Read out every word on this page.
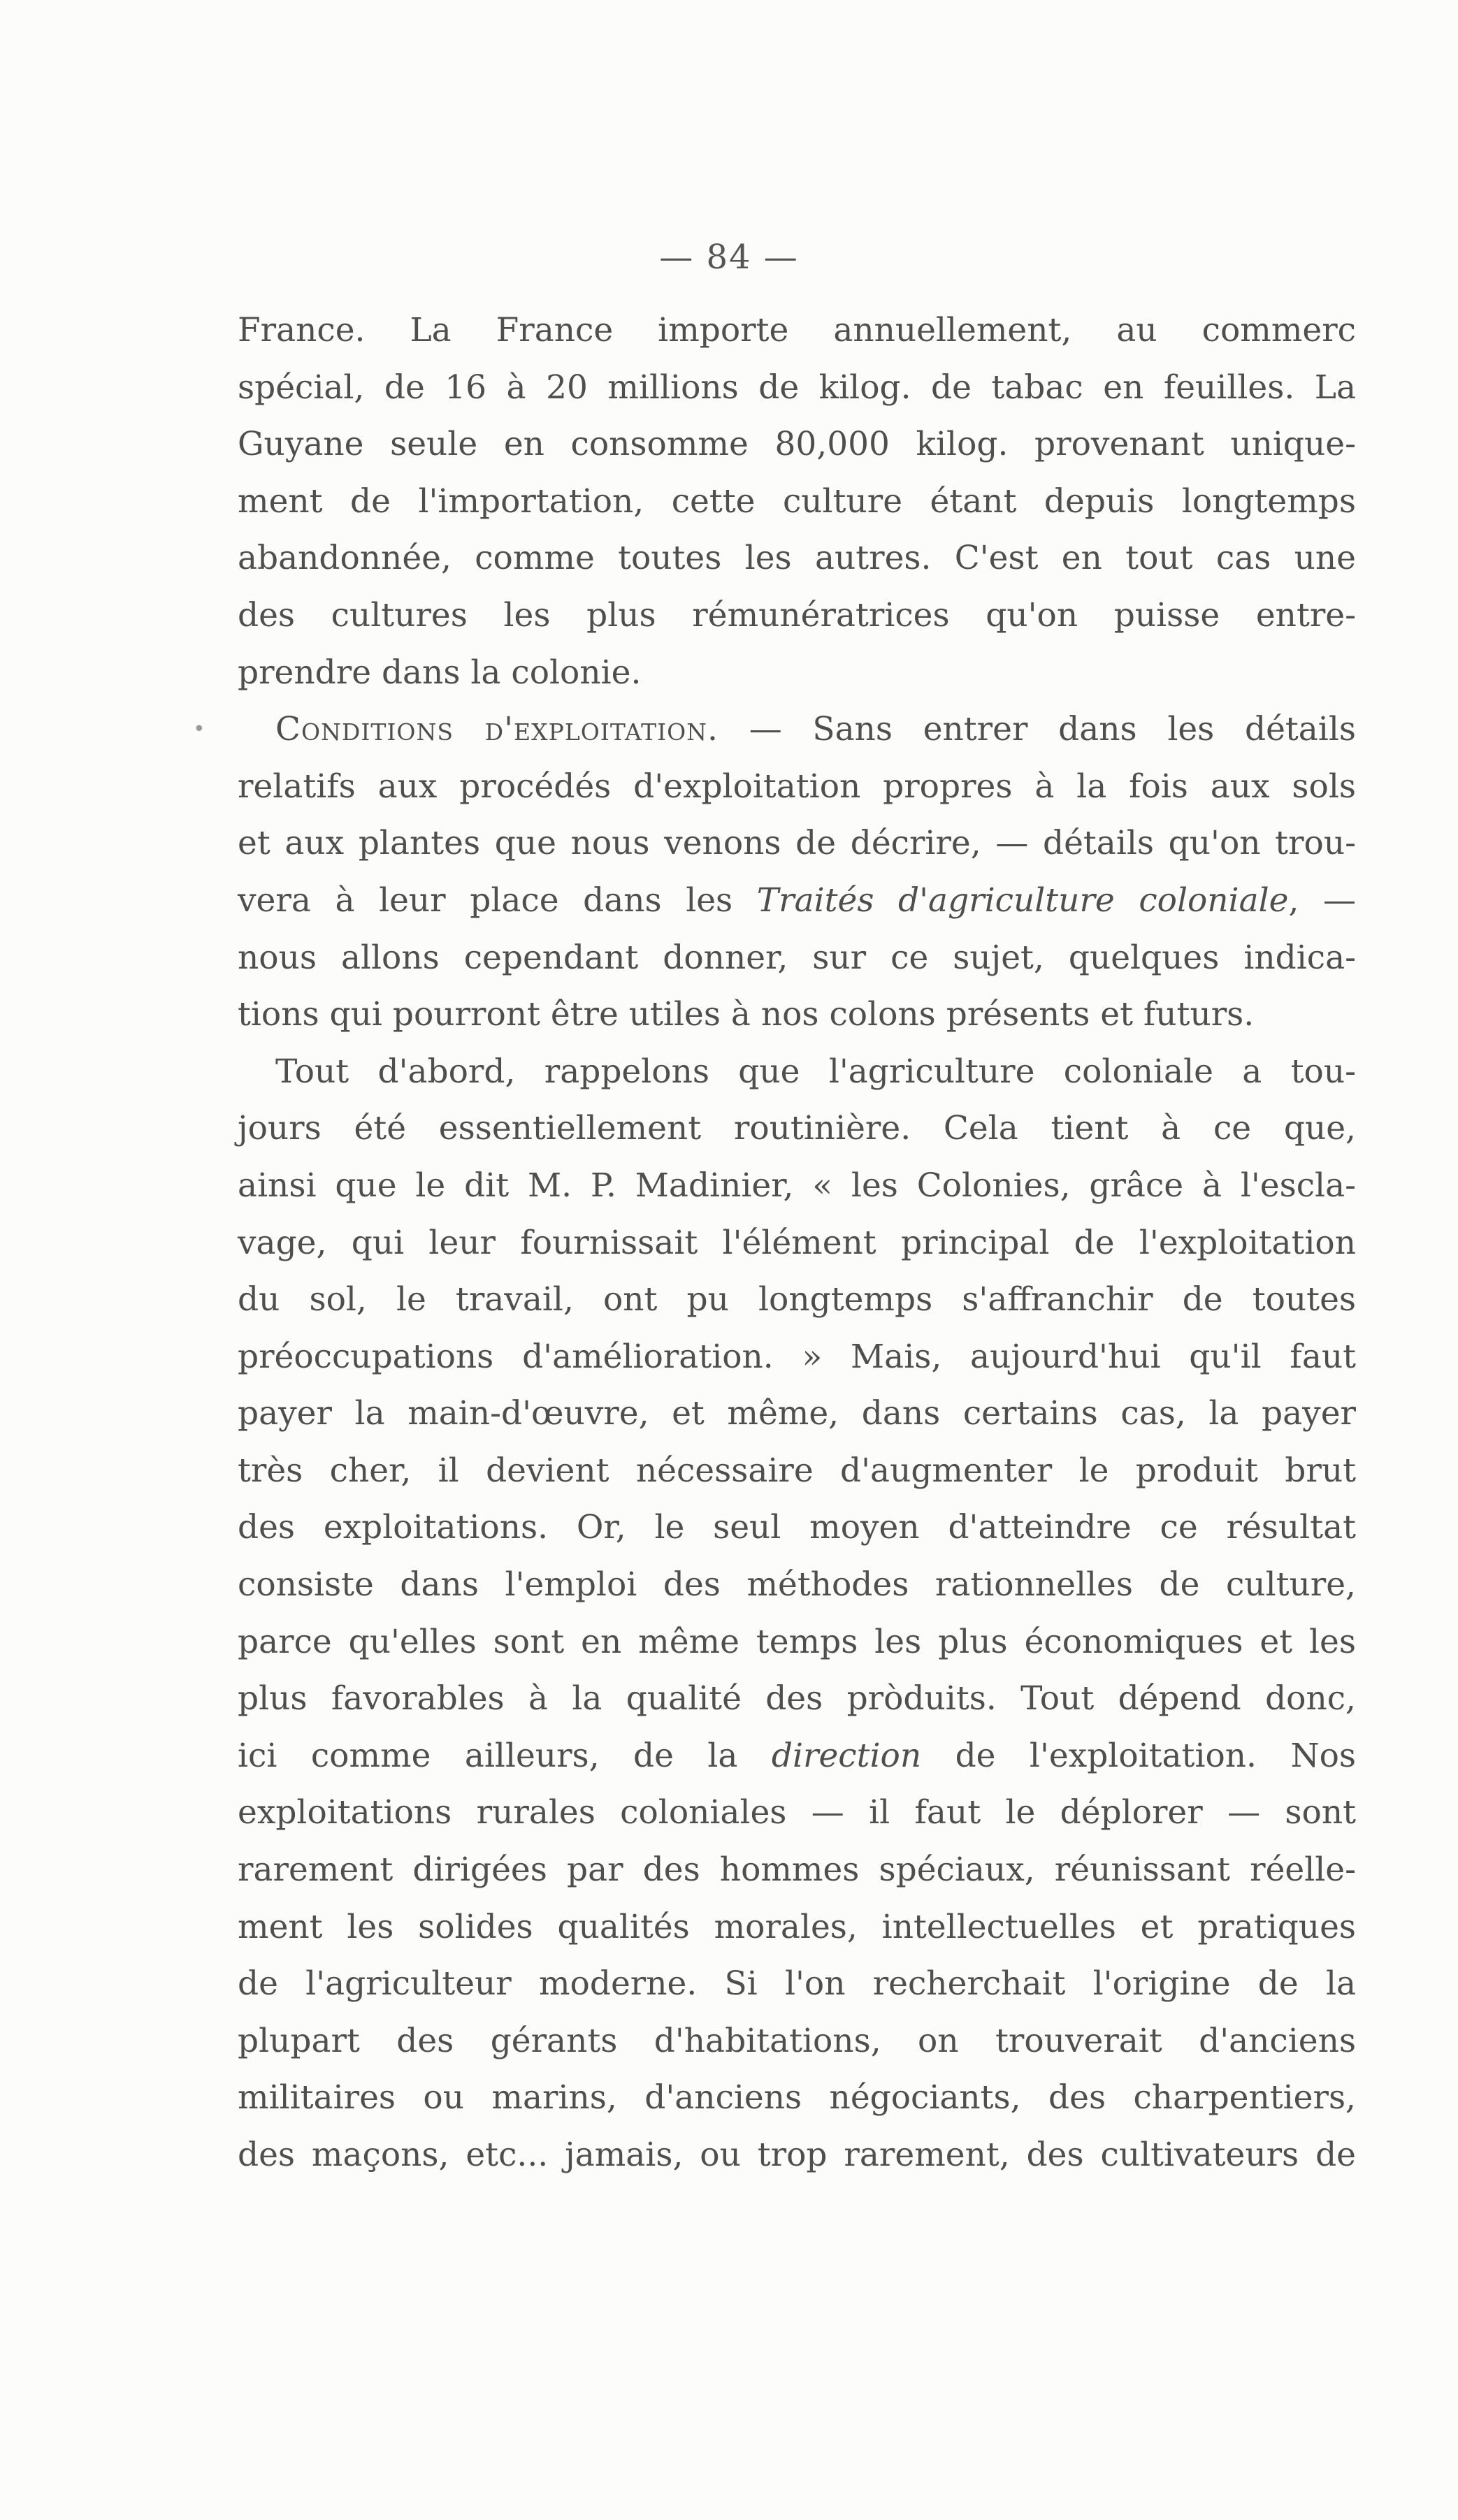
— 84 —
France. La France importe annuellement, au commerc
spécial, de 16 à 20 millions de kilog. de tabac en feuilles. La
Guyane seule en consomme 80,000 kilog. provenant unique-
ment de l'importation, cette culture étant depuis longtemps
abandonnée, comme toutes les autres. C'est en tout cas une
des cultures les plus rémunératrices qu'on puisse entre-
prendre dans la colonie.
• Conditions d'exploitation. — Sans entrer dans les détails
relatifs aux procédés d'exploitation propres à la fois aux sols
et aux plantes que nous venons de décrire, — détails qu'on trou-
vera à leur place dans les Traités d'agriculture coloniale, —
nous allons cependant donner, sur ce sujet, quelques indica-
tions qui pourront être utiles à nos colons présents et futurs.
Tout d'abord, rappelons que l'agriculture coloniale a tou-
jours été essentiellement routinière. Cela tient à ce que,
ainsi que le dit M. P. Madinier, « les Colonies, grâce à l'escla-
vage, qui leur fournissait l'élément principal de l'exploitation
du sol, le travail, ont pu longtemps s'affranchir de toutes
préoccupations d'amélioration. » Mais, aujourd'hui qu'il faut
payer la main-d'œuvre, et même, dans certains cas, la payer
très cher, il devient nécessaire d'augmenter le produit brut
des exploitations. Or, le seul moyen d'atteindre ce résultat
consiste dans l'emploi des méthodes rationnelles de culture,
parce qu'elles sont en même temps les plus économiques et les
plus favorables à la qualité des pròduits. Tout dépend donc,
ici comme ailleurs, de la direction de l'exploitation. Nos
exploitations rurales coloniales — il faut le déplorer — sont
rarement dirigées par des hommes spéciaux, réunissant réelle-
ment les solides qualités morales, intellectuelles et pratiques
de l'agriculteur moderne. Si l'on recherchait l'origine de la
plupart des gérants d'habitations, on trouverait d'anciens
militaires ou marins, d'anciens négociants, des charpentiers,
des maçons, etc... jamais, ou trop rarement, des cultivateurs de
